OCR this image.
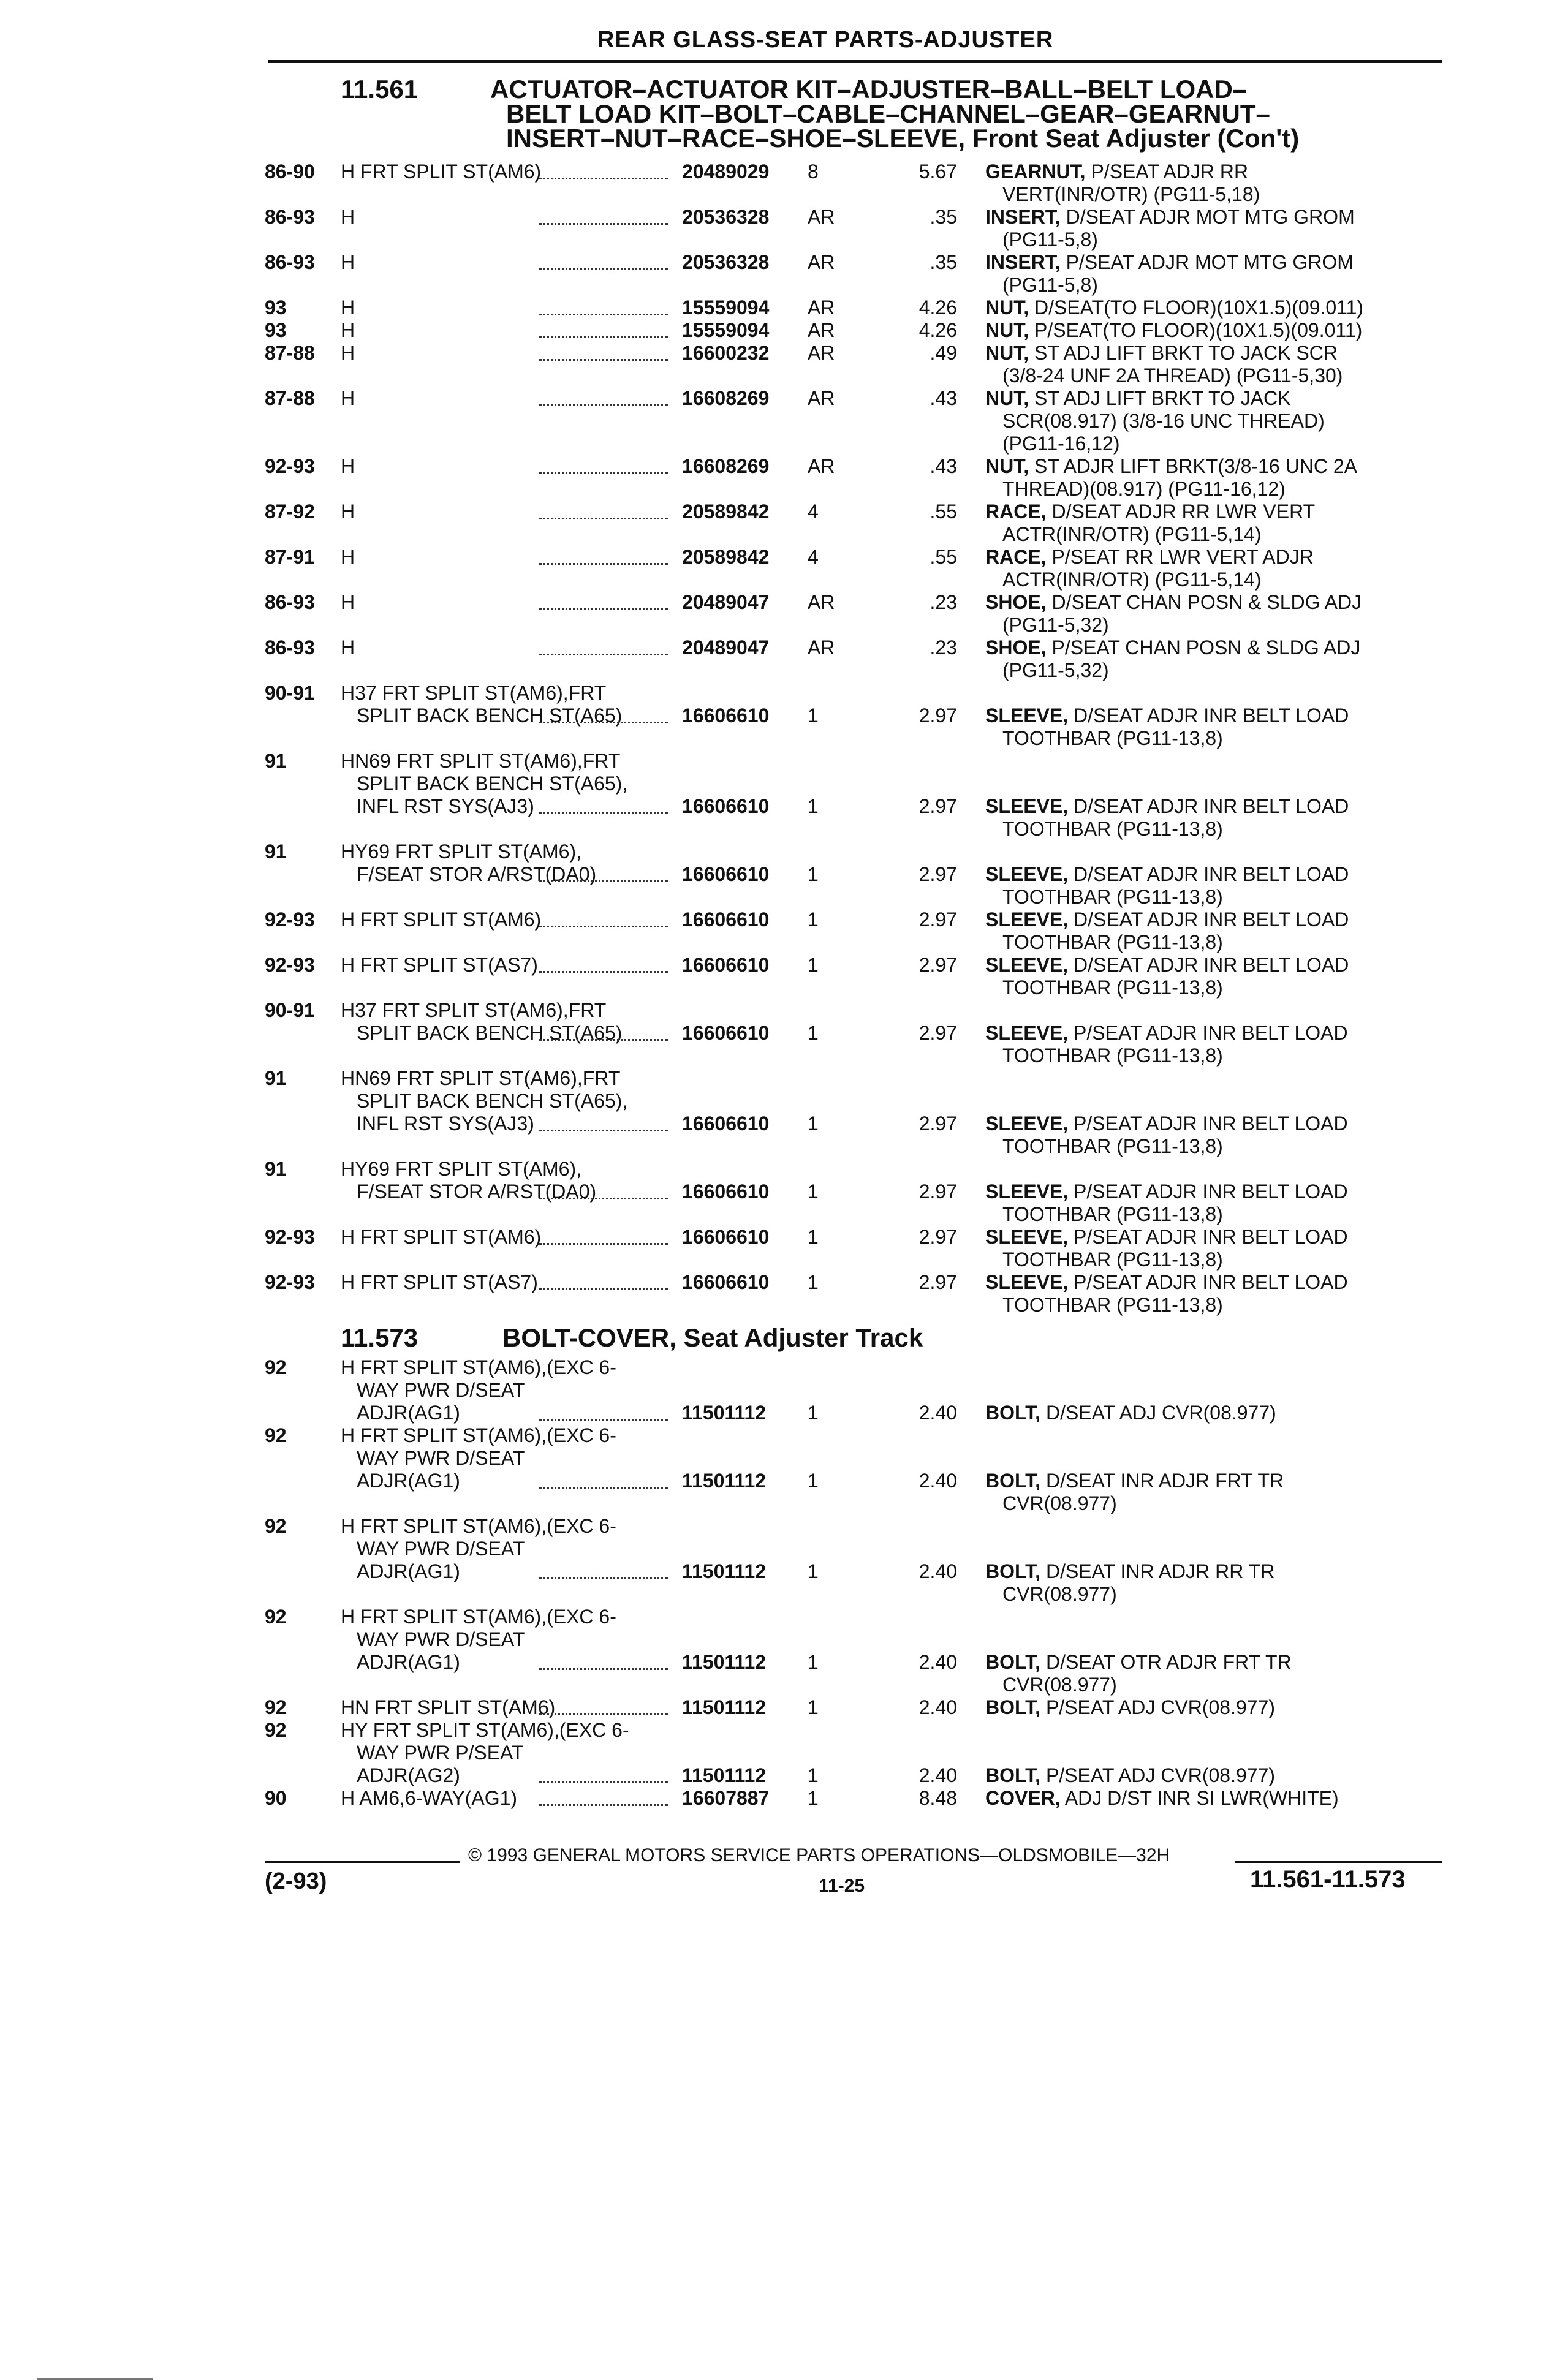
REAR GLASS-SEAT PARTS-ADJUSTER
11.561	ACTUATOR–ACTUATOR KIT–ADJUSTER–BALL–BELT LOAD–
BELT LOAD KIT–BOLT–CABLE–CHANNEL–GEAR–GEARNUT–
INSERT–NUT–RACE–SHOE–SLEEVE, Front Seat Adjuster (Con't)
86-90 H FRT SPLIT ST(AM6)	20489029 8	5.67 GEARNUT, P/SEAT ADJR RR
VERT(INR/OTR) (PG11-5,18)
86-93 H	20536328 AR	.35 INSERT, D/SEAT ADJR MOT MTG GROM
(PG11-5,8)
86-93 H	20536328 AR	.35 INSERT, P/SEAT ADJR MOT MTG GROM
(PG11-5,8)
93	H	15559094 AR	4.26 NUT, D/SEAT(TO FLOOR)(10X1.5)(09.011)
93	H	15559094 AR	4.26 NUT, P/SEAT(TO FLOOR)(10X1.5)(09.011)
87-88 H	16600232 AR	.49 NUT, ST ADJ LIFT BRKT TO JACK SCR
(3/8-24 UNF 2A THREAD) (PG11-5,30)
87-88 H	16608269 AR	.43 NUT, ST ADJ LIFT BRKT TO JACK
SCR(08.917) (3/8-16 UNC THREAD)
(PG11-16,12)
92-93 H	16608269 AR	.43 NUT, ST ADJR LIFT BRKT(3/8-16 UNC 2A
THREAD)(08.917) (PG11-16,12)
87-92 H	20589842 4	.55 RACE, D/SEAT ADJR RR LWR VERT
ACTR(INR/OTR) (PG11-5,14)
87-91 H	20589842 4	.55 RACE, P/SEAT RR LWR VERT ADJR
ACTR(INR/OTR) (PG11-5,14)
86-93 H	20489047 AR	.23 SHOE, D/SEAT CHAN POSN & SLDG ADJ
(PG11-5,32)
86-93 H	20489047 AR	.23 SHOE, P/SEAT CHAN POSN & SLDG ADJ
(PG11-5,32)
90-91 H37 FRT SPLIT ST(AM6),FRT
SPLIT BACK BENCH ST(A65)	16606610 1	2.97 SLEEVE, D/SEAT ADJR INR BELT LOAD
TOOTHBAR (PG11-13,8)
91	HN69 FRT SPLIT ST(AM6),FRT
SPLIT BACK BENCH ST(A65),
INFL RST SYS(AJ3)	16606610 1	2.97 SLEEVE, D/SEAT ADJR INR BELT LOAD
TOOTHBAR (PG11-13,8)
91	HY69 FRT SPLIT ST(AM6),
F/SEAT STOR A/RST(DA0)	16606610 1	2.97 SLEEVE, D/SEAT ADJR INR BELT LOAD
TOOTHBAR (PG11-13,8)
92-93 H FRT SPLIT ST(AM6)	16606610 1	2.97 SLEEVE, D/SEAT ADJR INR BELT LOAD
TOOTHBAR (PG11-13,8)
92-93 H FRT SPLIT ST(AS7)	16606610 1	2.97 SLEEVE, D/SEAT ADJR INR BELT LOAD
TOOTHBAR (PG11-13,8)
90-91 H37 FRT SPLIT ST(AM6),FRT
SPLIT BACK BENCH ST(A65)	16606610 1	2.97 SLEEVE, P/SEAT ADJR INR BELT LOAD
TOOTHBAR (PG11-13,8)
91	HN69 FRT SPLIT ST(AM6),FRT
SPLIT BACK BENCH ST(A65),
INFL RST SYS(AJ3)	16606610 1	2.97 SLEEVE, P/SEAT ADJR INR BELT LOAD
TOOTHBAR (PG11-13,8)
91	HY69 FRT SPLIT ST(AM6),
F/SEAT STOR A/RST(DA0)	16606610 1	2.97 SLEEVE, P/SEAT ADJR INR BELT LOAD
TOOTHBAR (PG11-13,8)
92-93 H FRT SPLIT ST(AM6)	16606610 1	2.97 SLEEVE, P/SEAT ADJR INR BELT LOAD
TOOTHBAR (PG11-13,8)
92-93 H FRT SPLIT ST(AS7)	16606610 1	2.97 SLEEVE, P/SEAT ADJR INR BELT LOAD
TOOTHBAR (PG11-13,8)
11.573	BOLT-COVER, Seat Adjuster Track
92	H FRT SPLIT ST(AM6),(EXC 6-
WAY PWR D/SEAT
ADJR(AG1)	11501112 1	2.40 BOLT, D/SEAT ADJ CVR(08.977)
92	H FRT SPLIT ST(AM6),(EXC 6-
WAY PWR D/SEAT
ADJR(AG1)	11501112 1	2.40 BOLT, D/SEAT INR ADJR FRT TR
CVR(08.977)
92	H FRT SPLIT ST(AM6),(EXC 6-
WAY PWR D/SEAT
ADJR(AG1)	11501112 1	2.40 BOLT, D/SEAT INR ADJR RR TR
CVR(08.977)
92	H FRT SPLIT ST(AM6),(EXC 6-
WAY PWR D/SEAT
ADJR(AG1)	11501112 1	2.40 BOLT, D/SEAT OTR ADJR FRT TR
CVR(08.977)
92	HN FRT SPLIT ST(AM6)	11501112 1	2.40 BOLT, P/SEAT ADJ CVR(08.977)
92	HY FRT SPLIT ST(AM6),(EXC 6-
WAY PWR P/SEAT
ADJR(AG2)	11501112 1	2.40 BOLT, P/SEAT ADJ CVR(08.977)
90	H AM6,6-WAY(AG1)	16607887 1	8.48 COVER, ADJ D/ST INR SI LWR(WHITE)
© 1993 GENERAL MOTORS SERVICE PARTS OPERATIONS—OLDSMOBILE—32H
(2-93)	11-25	11.561-11.573
